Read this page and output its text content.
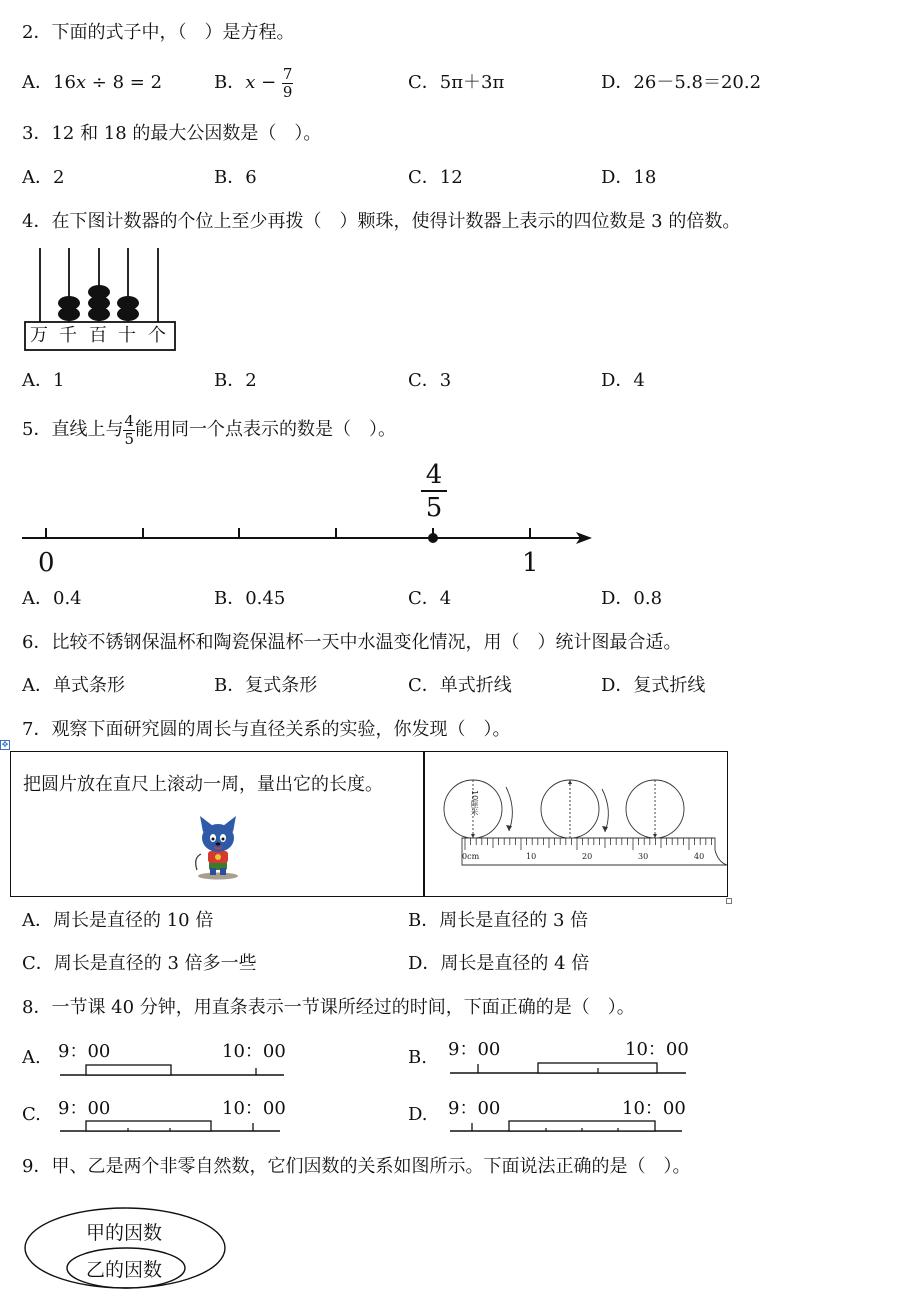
2．下面的式子中，（　）是方程。
A．16x ÷ 8 = 2	B．$x - \frac{7}{9}$	C．5π＋3π	D．26－5.8＝20.2
3．12 和 18 的最大公因数是（　）。
A．2	B．6	C．12	D．18
4．在下图计数器的个位上至少再拨（　）颗珠，使得计数器上表示的四位数是 3 的倍数。
万 千 百 十 个
A．1	B．2	C．3	D．4
5．直线上与 $\frac{4}{5}$ 能用同一个点表示的数是（　）。
$\frac{4}{5}$
0	1
A．0.4	B．0.45	C．4	D．0.8
6．比较不锈钢保温杯和陶瓷保温杯一天中水温变化情况，用（　）统计图最合适。
A．单式条形	B．复式条形	C．单式折线	D．复式折线
7．观察下面研究圆的周长与直径关系的实验，你发现（　）。
✥
把圆片放在直尺上滚动一周，量出它的长度。
10厘米
0cm	10	20	30	40
A．周长是直径的 10 倍	B．周长是直径的 3 倍
C．周长是直径的 3 倍多一些	D．周长是直径的 4 倍
8．一节课 40 分钟，用直条表示一节课所经过的时间，下面正确的是（　）。
A. 9：00	10：00	B. 9：00	10：00
C. 9：00	10：00	D. 9：00	10：00
9．甲、乙是两个非零自然数，它们因数的关系如图所示。下面说法正确的是（　）。
甲的因数
乙的因数
